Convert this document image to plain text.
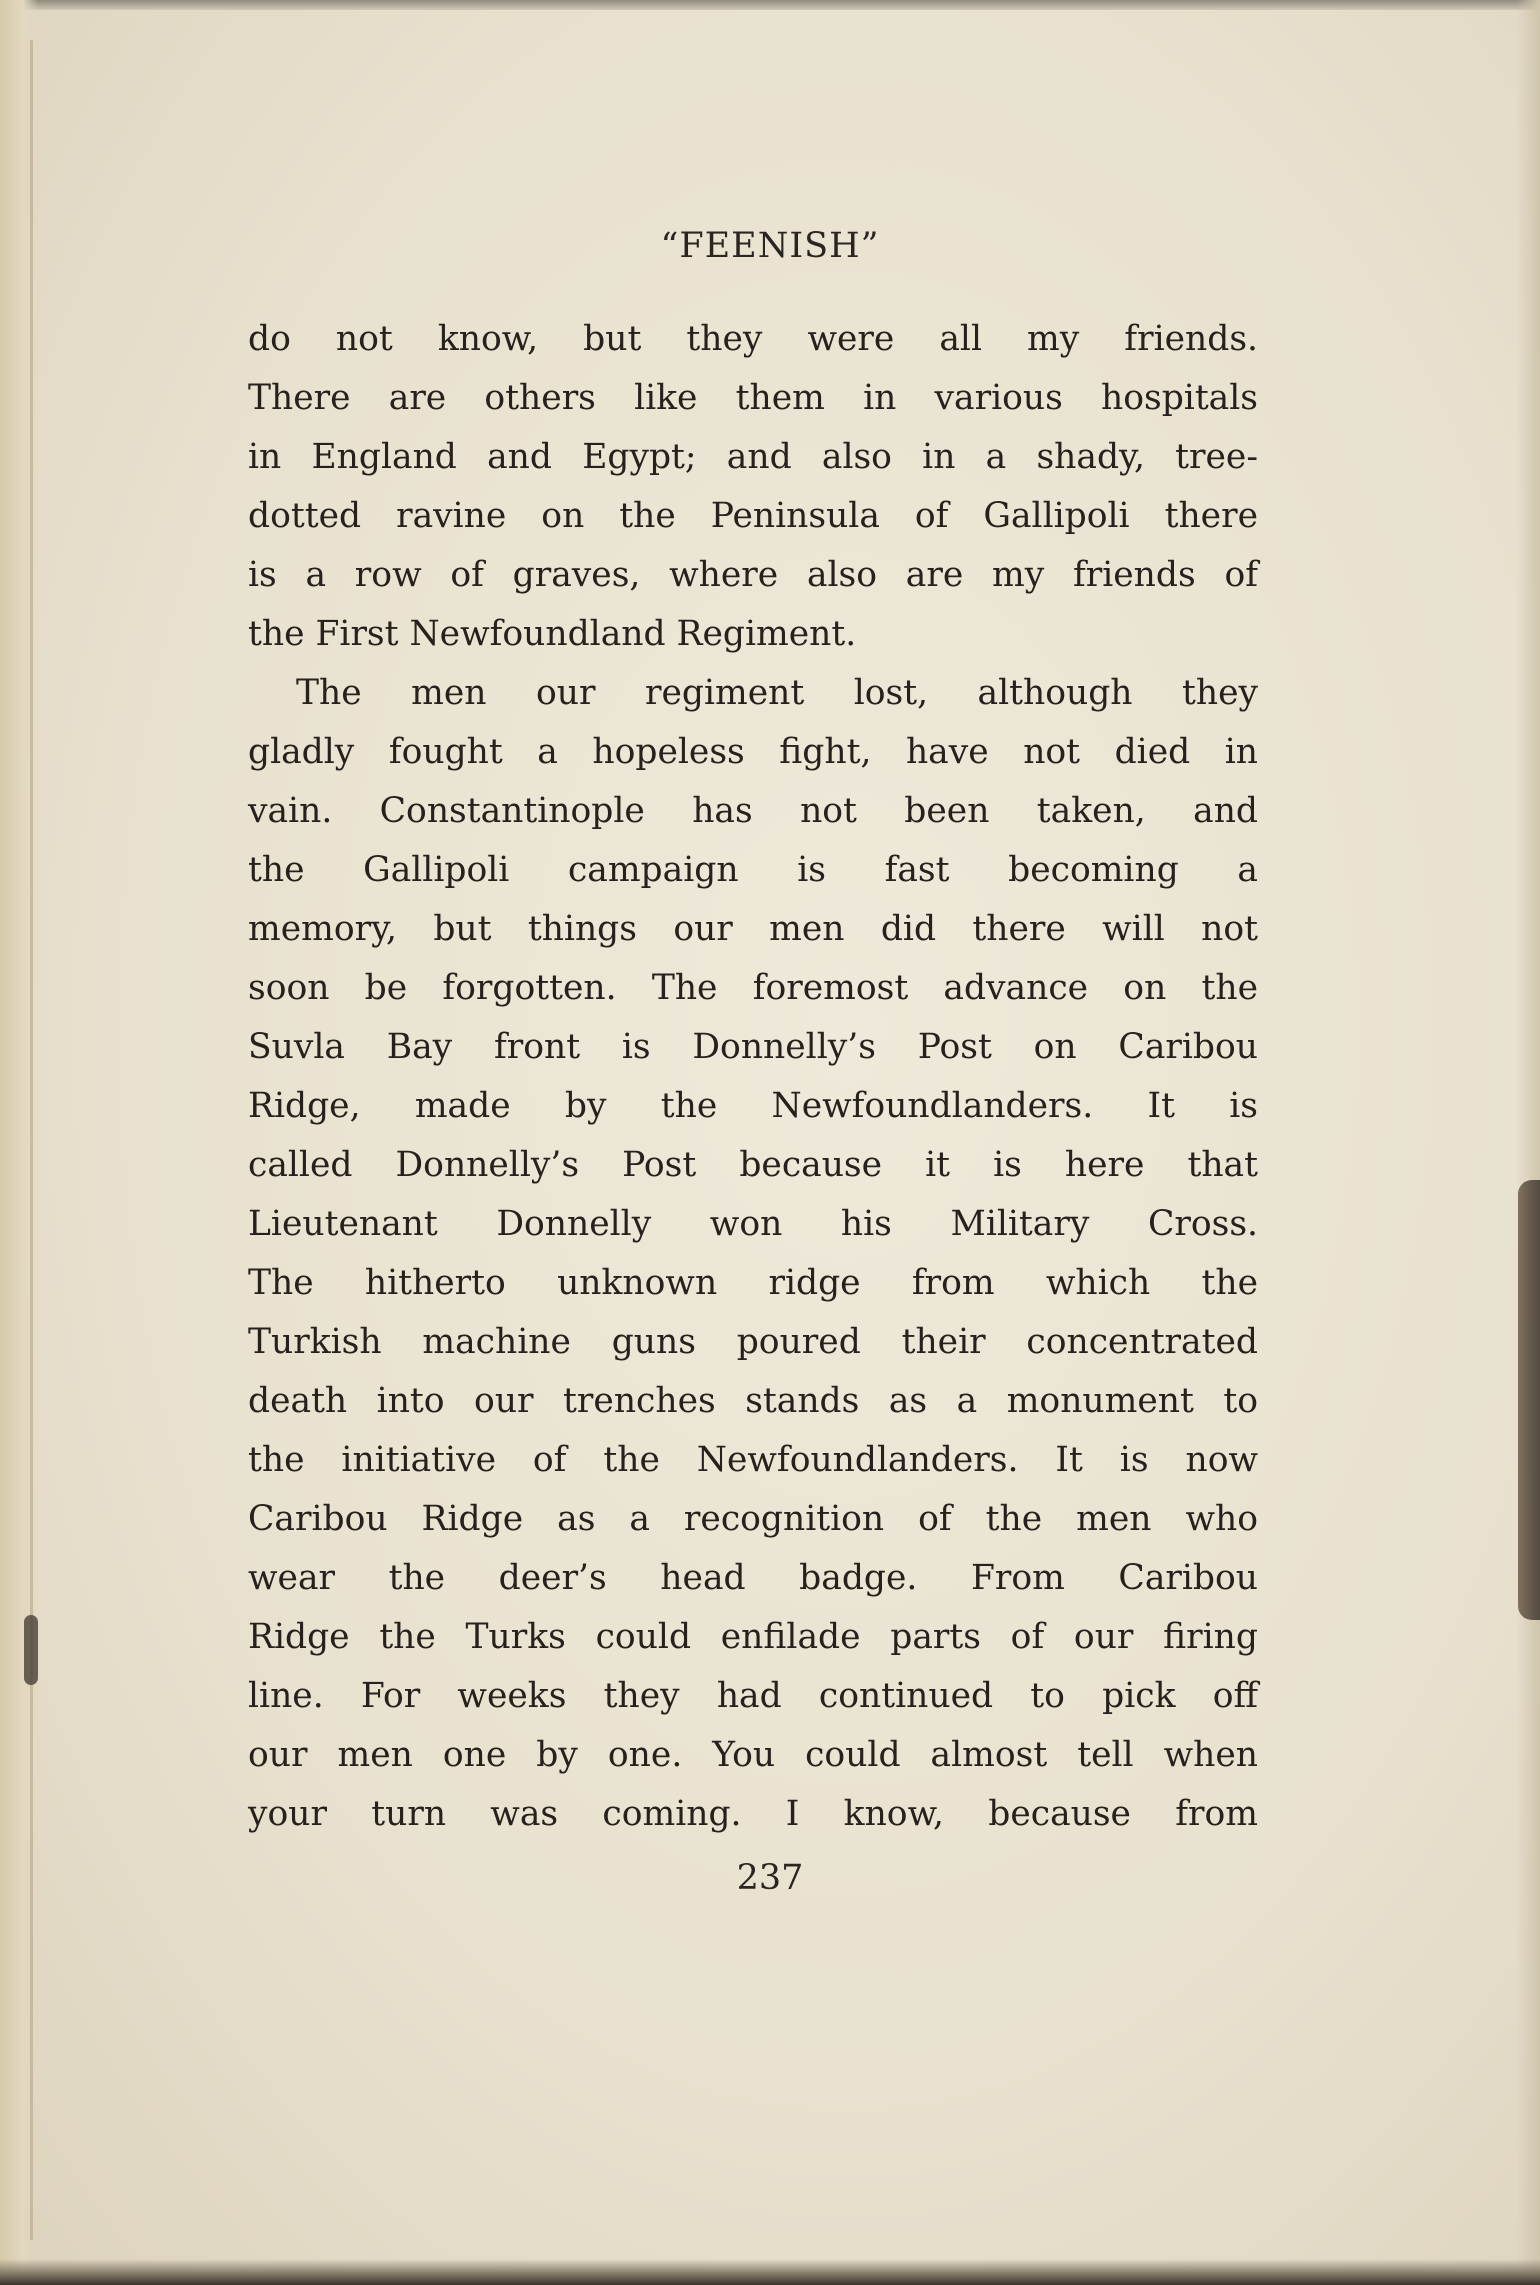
“FEENISH”
do not know, but they were all my friends.
There are others like them in various hospitals
in England and Egypt; and also in a shady, tree-
dotted ravine on the Peninsula of Gallipoli there
is a row of graves, where also are my friends of
the First Newfoundland Regiment.
The men our regiment lost, although they
gladly fought a hopeless fight, have not died in
vain. Constantinople has not been taken, and
the Gallipoli campaign is fast becoming a
memory, but things our men did there will not
soon be forgotten. The foremost advance on the
Suvla Bay front is Donnelly’s Post on Caribou
Ridge, made by the Newfoundlanders. It is
called Donnelly’s Post because it is here that
Lieutenant Donnelly won his Military Cross.
The hitherto unknown ridge from which the
Turkish machine guns poured their concentrated
death into our trenches stands as a monument to
the initiative of the Newfoundlanders. It is now
Caribou Ridge as a recognition of the men who
wear the deer’s head badge. From Caribou
Ridge the Turks could enfilade parts of our firing
line. For weeks they had continued to pick off
our men one by one. You could almost tell when
your turn was coming. I know, because from
237
